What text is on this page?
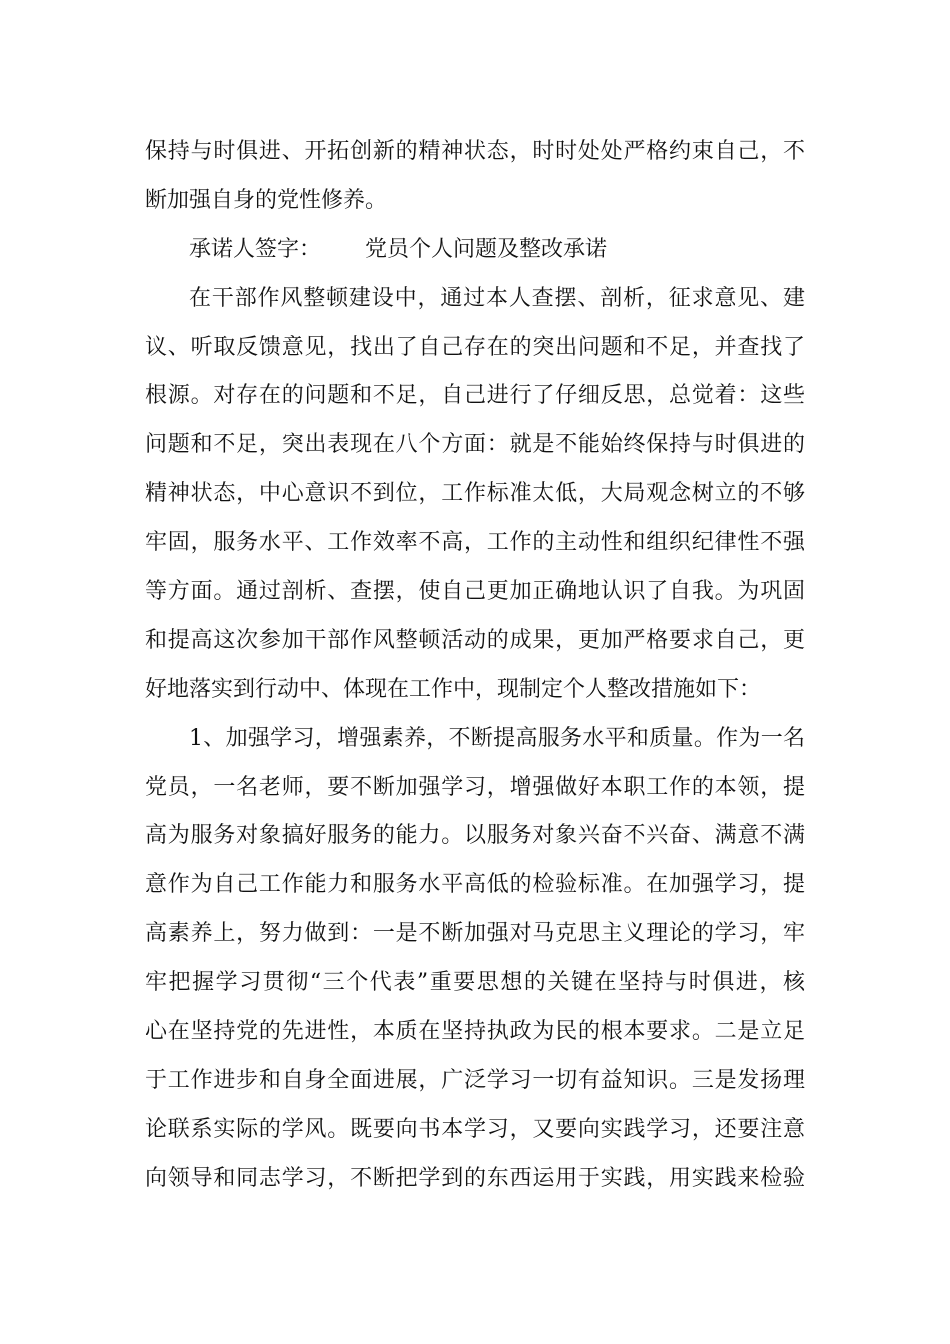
保持与时俱进、开拓创新的精神状态，时时处处严格约束自己，不
断加强自身的党性修养。
承诺人签字：	党员个人问题及整改承诺
在干部作风整顿建设中，通过本人查摆、剖析，征求意见、建
议、听取反馈意见，找出了自己存在的突出问题和不足，并查找了
根源。对存在的问题和不足，自己进行了仔细反思，总觉着：这些
问题和不足，突出表现在八个方面：就是不能始终保持与时俱进的
精神状态，中心意识不到位，工作标准太低，大局观念树立的不够
牢固，服务水平、工作效率不高，工作的主动性和组织纪律性不强
等方面。通过剖析、查摆，使自己更加正确地认识了自我。为巩固
和提高这次参加干部作风整顿活动的成果，更加严格要求自己，更
好地落实到行动中、体现在工作中，现制定个人整改措施如下：
1、加强学习，增强素养，不断提高服务水平和质量。作为一名
党员，一名老师，要不断加强学习，增强做好本职工作的本领，提
高为服务对象搞好服务的能力。以服务对象兴奋不兴奋、满意不满
意作为自己工作能力和服务水平高低的检验标准。在加强学习，提
高素养上，努力做到：一是不断加强对马克思主义理论的学习，牢
牢把握学习贯彻“三个代表”重要思想的关键在坚持与时俱进，核
心在坚持党的先进性，本质在坚持执政为民的根本要求。二是立足
于工作进步和自身全面进展，广泛学习一切有益知识。三是发扬理
论联系实际的学风。既要向书本学习，又要向实践学习，还要注意
向领导和同志学习，不断把学到的东西运用于实践，用实践来检验
